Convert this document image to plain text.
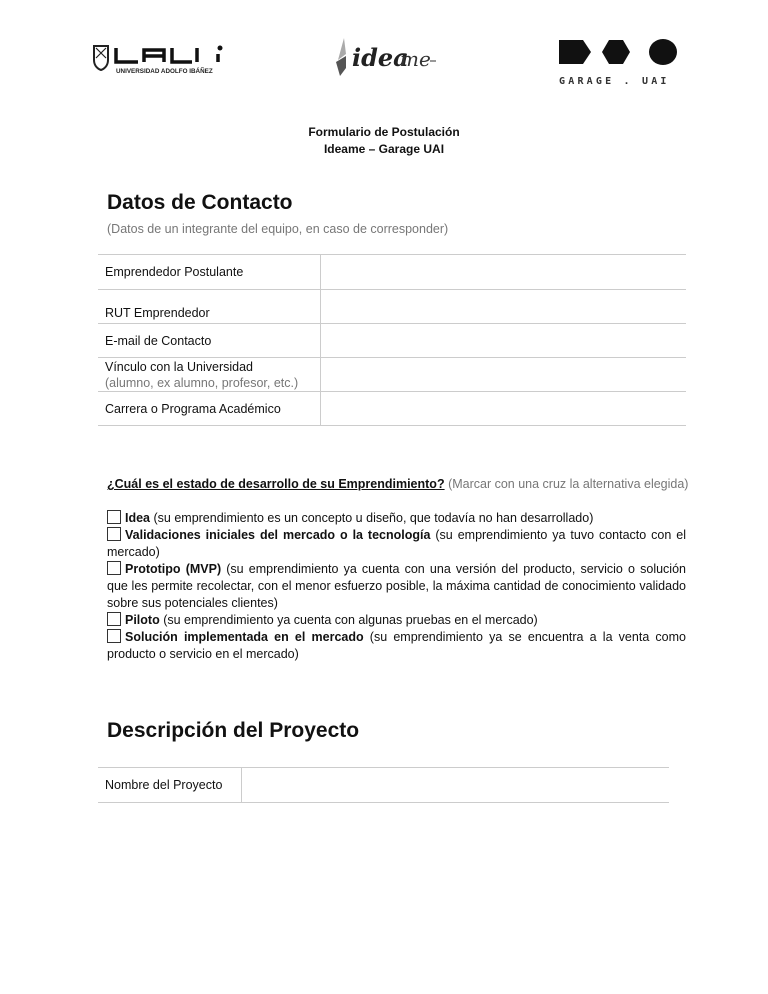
UNIVERSIDAD ADOLFO IBÁÑEZ	idea
me
GARAGE . UAI
Formulario de Postulación
Ideame – Garage UAI
Datos de Contacto
(Datos de un integrante del equipo, en caso de corresponder)
Emprendedor Postulante	
RUT Emprendedor	
E-mail de Contacto	

Vínculo con la Universidad
(alumno, ex alumno, profesor, etc.)	

Carrera o Programa Académico	
¿Cuál es el estado de desarrollo de su Emprendimiento? (Marcar con una cruz la alternativa elegida)

Idea (su emprendimiento es un concepto u diseño, que todavía no han desarrollado)

Validaciones iniciales del mercado o la tecnología (su emprendimiento ya tuvo contacto con el mercado)

Prototipo (MVP) (su emprendimiento ya cuenta con una versión del producto, servicio o solución que les permite recolectar, con el menor esfuerzo posible, la máxima cantidad de conocimiento validado sobre sus potenciales clientes)

Piloto (su emprendimiento ya cuenta con algunas pruebas en el mercado)

Solución implementada en el mercado (su emprendimiento ya se encuentra a la venta como producto o servicio en el mercado)

Descripción del Proyecto
Nombre del Proyecto	
